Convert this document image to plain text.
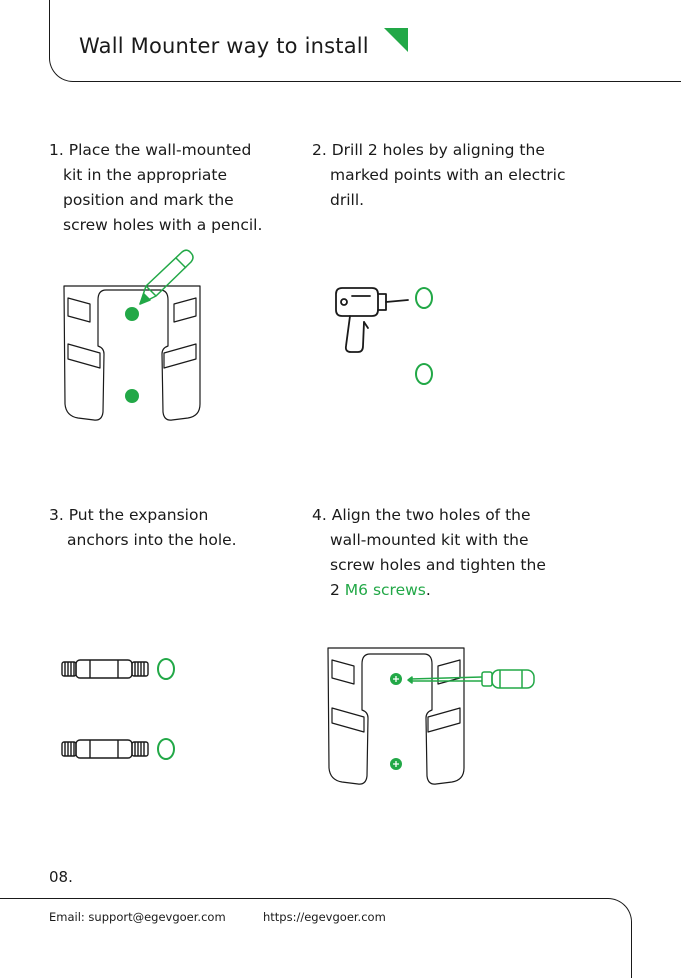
Wall Mounter way to install
1. Place the wall-mounted
kit in the appropriate
position and mark the
screw holes with a pencil.
2. Drill 2 holes by aligning the
marked points with an electric
drill.
3. Put the expansion
anchors into the hole.
4. Align the two holes of the
wall-mounted kit with the
screw holes and tighten the
2 M6 screws.
08.
Email: support@egevgoer.com	https://egevgoer.com
